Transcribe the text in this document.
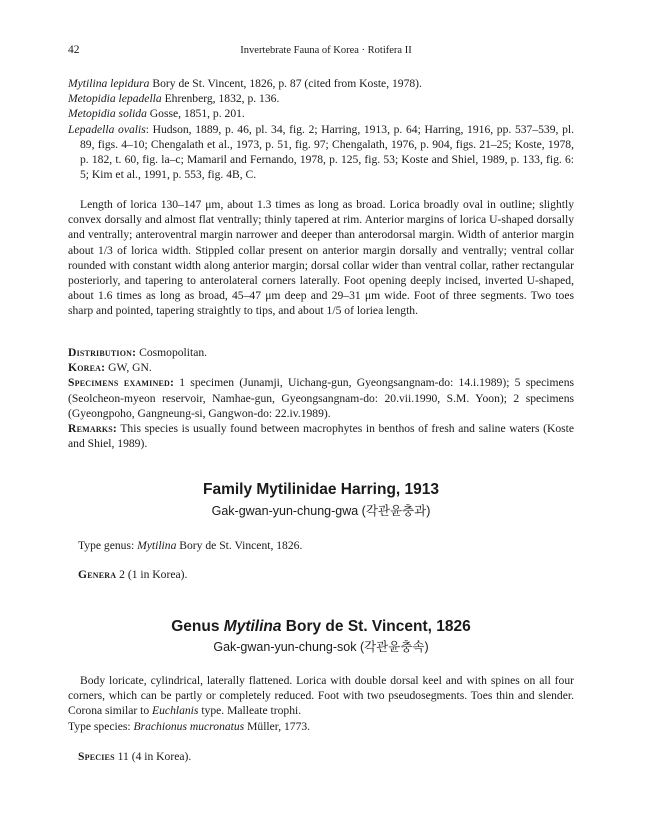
42	Invertebrate Fauna of Korea · Rotifera II

Mytilina lepidura Bory de St. Vincent, 1826, p. 87 (cited from Koste, 1978).

Metopidia lepadella Ehrenberg, 1832, p. 136.

Metopidia solida Gosse, 1851, p. 201.

Lepadella ovalis: Hudson, 1889, p. 46, pl. 34, fig. 2; Harring, 1913, p. 64; Harring, 1916, pp. 537–539, pl. 89, figs. 4–10; Chengalath et al., 1973, p. 51, fig. 97; Chengalath, 1976, p. 904, figs. 21–25; Koste, 1978, p. 182, t. 60, fig. la–c; Mamaril and Fernando, 1978, p. 125, fig. 53; Koste and Shiel, 1989, p. 133, fig. 6: 5; Kim et al., 1991, p. 553, fig. 4B, C.

Length of lorica 130–147 μm, about 1.3 times as long as broad. Lorica broadly oval in outline; slightly convex dorsally and almost flat ventrally; thinly tapered at rim. Anterior margins of lorica U-shaped dorsally and ventrally; anteroventral margin narrower and deeper than anterodorsal margin. Width of anterior margin about 1/3 of lorica width. Stippled collar present on anterior margin dorsally and ventrally; ventral collar rounded with constant width along anterior margin; dorsal collar wider than ventral collar, rather rectangular posteriorly, and tapering to anterolateral corners laterally. Foot opening deeply incised, inverted U-shaped, about 1.6 times as long as broad, 45–47 μm deep and 29–31 μm wide. Foot of three segments. Two toes sharp and pointed, tapering straightly to tips, and about 1/5 of loriea length.

Distribution: Cosmopolitan.

Korea: GW, GN.

Specimens examined: 1 specimen (Junamji, Uichang-gun, Gyeongsangnam-do: 14.i.1989); 5 specimens (Seolcheon-myeon reservoir, Namhae-gun, Gyeongsangnam-do: 20.vii.1990, S.M. Yoon); 2 specimens (Gyeongpoho, Gangneung-si, Gangwon-do: 22.iv.1989).

Remarks: This species is usually found between macrophytes in benthos of fresh and saline waters (Koste and Shiel, 1989).

Family Mytilinidae Harring, 1913
Gak-gwan-yun-chung-gwa (각관윤충과)
Type genus: Mytilina Bory de St. Vincent, 1826.
Genera 2 (1 in Korea).
Genus Mytilina Bory de St. Vincent, 1826
Gak-gwan-yun-chung-sok (각관윤충속)

Body loricate, cylindrical, laterally flattened. Lorica with double dorsal keel and with spines on all four corners, which can be partly or completely reduced. Foot with two pseudosegments. Toes thin and slender. Corona similar to Euchlanis type. Malleate trophi.

Type species: Brachionus mucronatus Müller, 1773.

Species 11 (4 in Korea).
